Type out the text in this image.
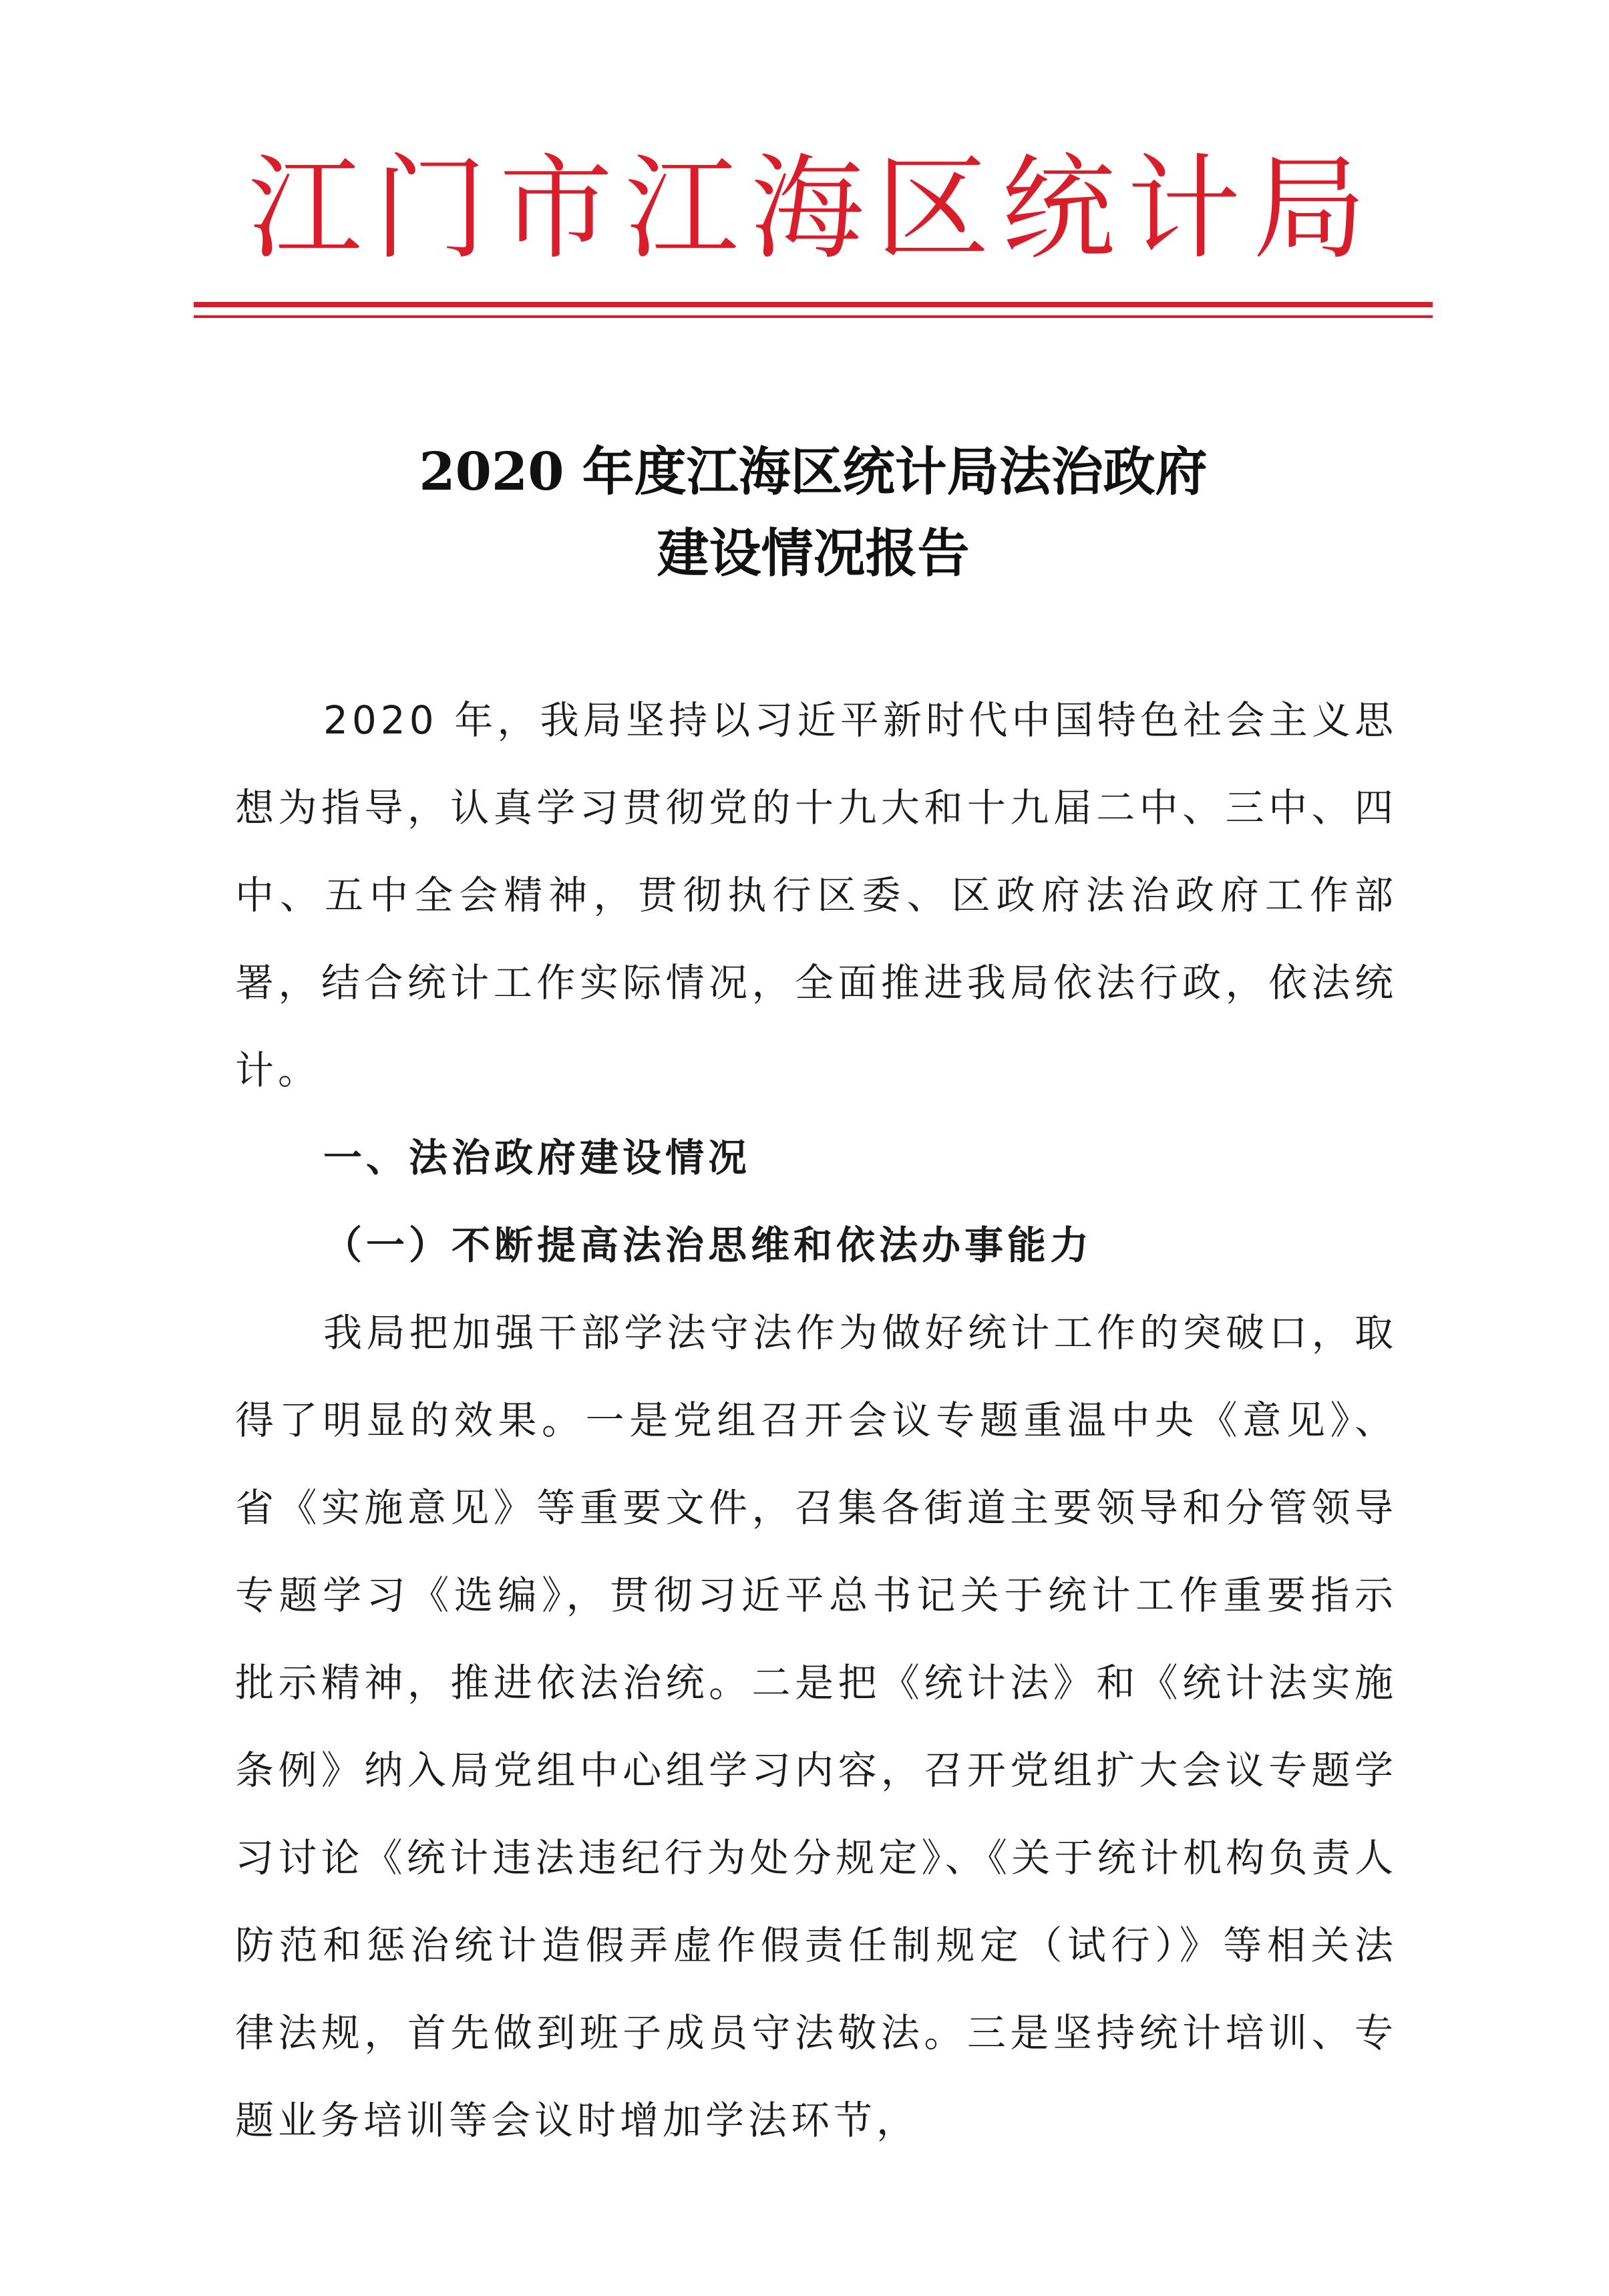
江门市江海区统计局
2020 年度江海区统计局法治政府
建设情况报告

2020 年，我局坚持以习近平新时代中国特色社会主义思想为指导，认真学习贯彻党的十九大和十九届二中、三中、四中、五中全会精神，贯彻执行区委、区政府法治政府工作部署，结合统计工作实际情况，全面推进我局依法行政，依法统计。

一、法治政府建设情况

（一）不断提高法治思维和依法办事能力

我局把加强干部学法守法作为做好统计工作的突破口，取得了明显的效果。一是党组召开会议专题重温中央《意见》、省《实施意见》等重要文件，召集各街道主要领导和分管领导专题学习《选编》，贯彻习近平总书记关于统计工作重要指示批示精神，推进依法治统。二是把《统计法》和《统计法实施条例》纳入局党组中心组学习内容，召开党组扩大会议专题学习讨论《统计违法违纪行为处分规定》、《关于统计机构负责人防范和惩治统计造假弄虚作假责任制规定（试行）》等相关法律法规，首先做到班子成员守法敬法。三是坚持统计培训、专题业务培训等会议时增加学法环节，
